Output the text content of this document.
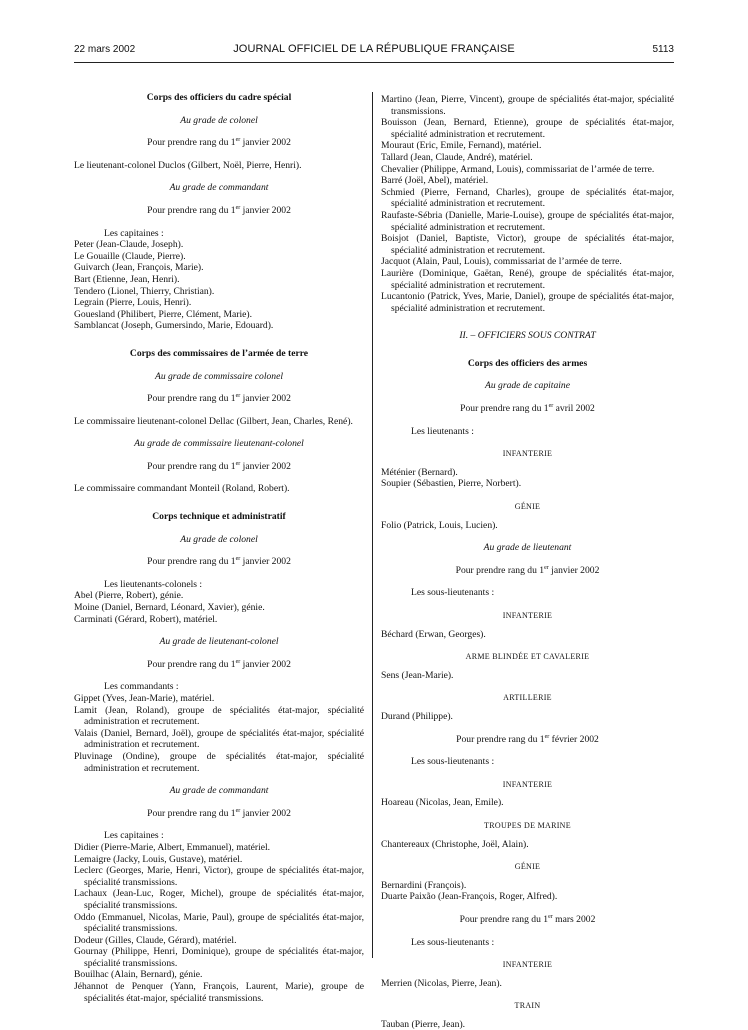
22 mars 2002	JOURNAL OFFICIEL DE LA RÉPUBLIQUE FRANÇAISE	5113

Corps des officiers du cadre spécial

Au grade de colonel

Pour prendre rang du 1er janvier 2002

Le lieutenant-colonel Duclos (Gilbert, Noël, Pierre, Henri).

Au grade de commandant

Pour prendre rang du 1er janvier 2002

Les capitaines :

Peter (Jean-Claude, Joseph).

Le Gouaille (Claude, Pierre).

Guivarch (Jean, François, Marie).

Bart (Etienne, Jean, Henri).

Tendero (Lionel, Thierry, Christian).

Legrain (Pierre, Louis, Henri).

Gouesland (Philibert, Pierre, Clément, Marie).

Samblancat (Joseph, Gumersindo, Marie, Edouard).

Corps des commissaires de l’armée de terre

Au grade de commissaire colonel

Pour prendre rang du 1er janvier 2002

Le commissaire lieutenant-colonel Dellac (Gilbert, Jean, Charles, René).

Au grade de commissaire lieutenant-colonel

Pour prendre rang du 1er janvier 2002

Le commissaire commandant Monteil (Roland, Robert).

Corps technique et administratif

Au grade de colonel

Pour prendre rang du 1er janvier 2002

Les lieutenants-colonels :

Abel (Pierre, Robert), génie.

Moine (Daniel, Bernard, Léonard, Xavier), génie.

Carminati (Gérard, Robert), matériel.

Au grade de lieutenant-colonel

Pour prendre rang du 1er janvier 2002

Les commandants :

Gippet (Yves, Jean-Marie), matériel.

Lamit (Jean, Roland), groupe de spécialités état-major, spécialité administration et recrutement.

Valais (Daniel, Bernard, Joël), groupe de spécialités état-major, spécialité administration et recrutement.

Pluvinage (Ondine), groupe de spécialités état-major, spécialité administration et recrutement.

Au grade de commandant

Pour prendre rang du 1er janvier 2002

Les capitaines :

Didier (Pierre-Marie, Albert, Emmanuel), matériel.

Lemaigre (Jacky, Louis, Gustave), matériel.

Leclerc (Georges, Marie, Henri, Victor), groupe de spécialités état-major, spécialité transmissions.

Lachaux (Jean-Luc, Roger, Michel), groupe de spécialités état-major, spécialité transmissions.

Oddo (Emmanuel, Nicolas, Marie, Paul), groupe de spécialités état-major, spécialité transmissions.

Dodeur (Gilles, Claude, Gérard), matériel.

Gournay (Philippe, Henri, Dominique), groupe de spécialités état-major, spécialité transmissions.

Bouilhac (Alain, Bernard), génie.

Jéhannot de Penquer (Yann, François, Laurent, Marie), groupe de spécialités état-major, spécialité transmissions.

Martino (Jean, Pierre, Vincent), groupe de spécialités état-major, spécialité transmissions.

Bouisson (Jean, Bernard, Etienne), groupe de spécialités état-major, spécialité administration et recrutement.

Mouraut (Eric, Emile, Fernand), matériel.

Tallard (Jean, Claude, André), matériel.

Chevalier (Philippe, Armand, Louis), commissariat de l’armée de terre.

Barré (Joël, Abel), matériel.

Schmied (Pierre, Fernand, Charles), groupe de spécialités état-major, spécialité administration et recrutement.

Raufaste-Sébria (Danielle, Marie-Louise), groupe de spécialités état-major, spécialité administration et recrutement.

Boisjot (Daniel, Baptiste, Victor), groupe de spécialités état-major, spécialité administration et recrutement.

Jacquot (Alain, Paul, Louis), commissariat de l’armée de terre.

Laurière (Dominique, Gaëtan, René), groupe de spécialités état-major, spécialité administration et recrutement.

Lucantonio (Patrick, Yves, Marie, Daniel), groupe de spécialités état-major, spécialité administration et recrutement.

II. – OFFICIERS SOUS CONTRAT

Corps des officiers des armes

Au grade de capitaine

Pour prendre rang du 1er avril 2002

Les lieutenants :

INFANTERIE

Méténier (Bernard).

Soupier (Sébastien, Pierre, Norbert).

GÉNIE

Folio (Patrick, Louis, Lucien).

Au grade de lieutenant

Pour prendre rang du 1er janvier 2002

Les sous-lieutenants :

INFANTERIE

Béchard (Erwan, Georges).

ARME BLINDÉE ET CAVALERIE

Sens (Jean-Marie).

ARTILLERIE

Durand (Philippe).

Pour prendre rang du 1er février 2002

Les sous-lieutenants :

INFANTERIE

Hoareau (Nicolas, Jean, Emile).

TROUPES DE MARINE

Chantereaux (Christophe, Joël, Alain).

GÉNIE

Bernardini (François).

Duarte Paixão (Jean-François, Roger, Alfred).

Pour prendre rang du 1er mars 2002

Les sous-lieutenants :

INFANTERIE

Merrien (Nicolas, Pierre, Jean).

TRAIN

Tauban (Pierre, Jean).
